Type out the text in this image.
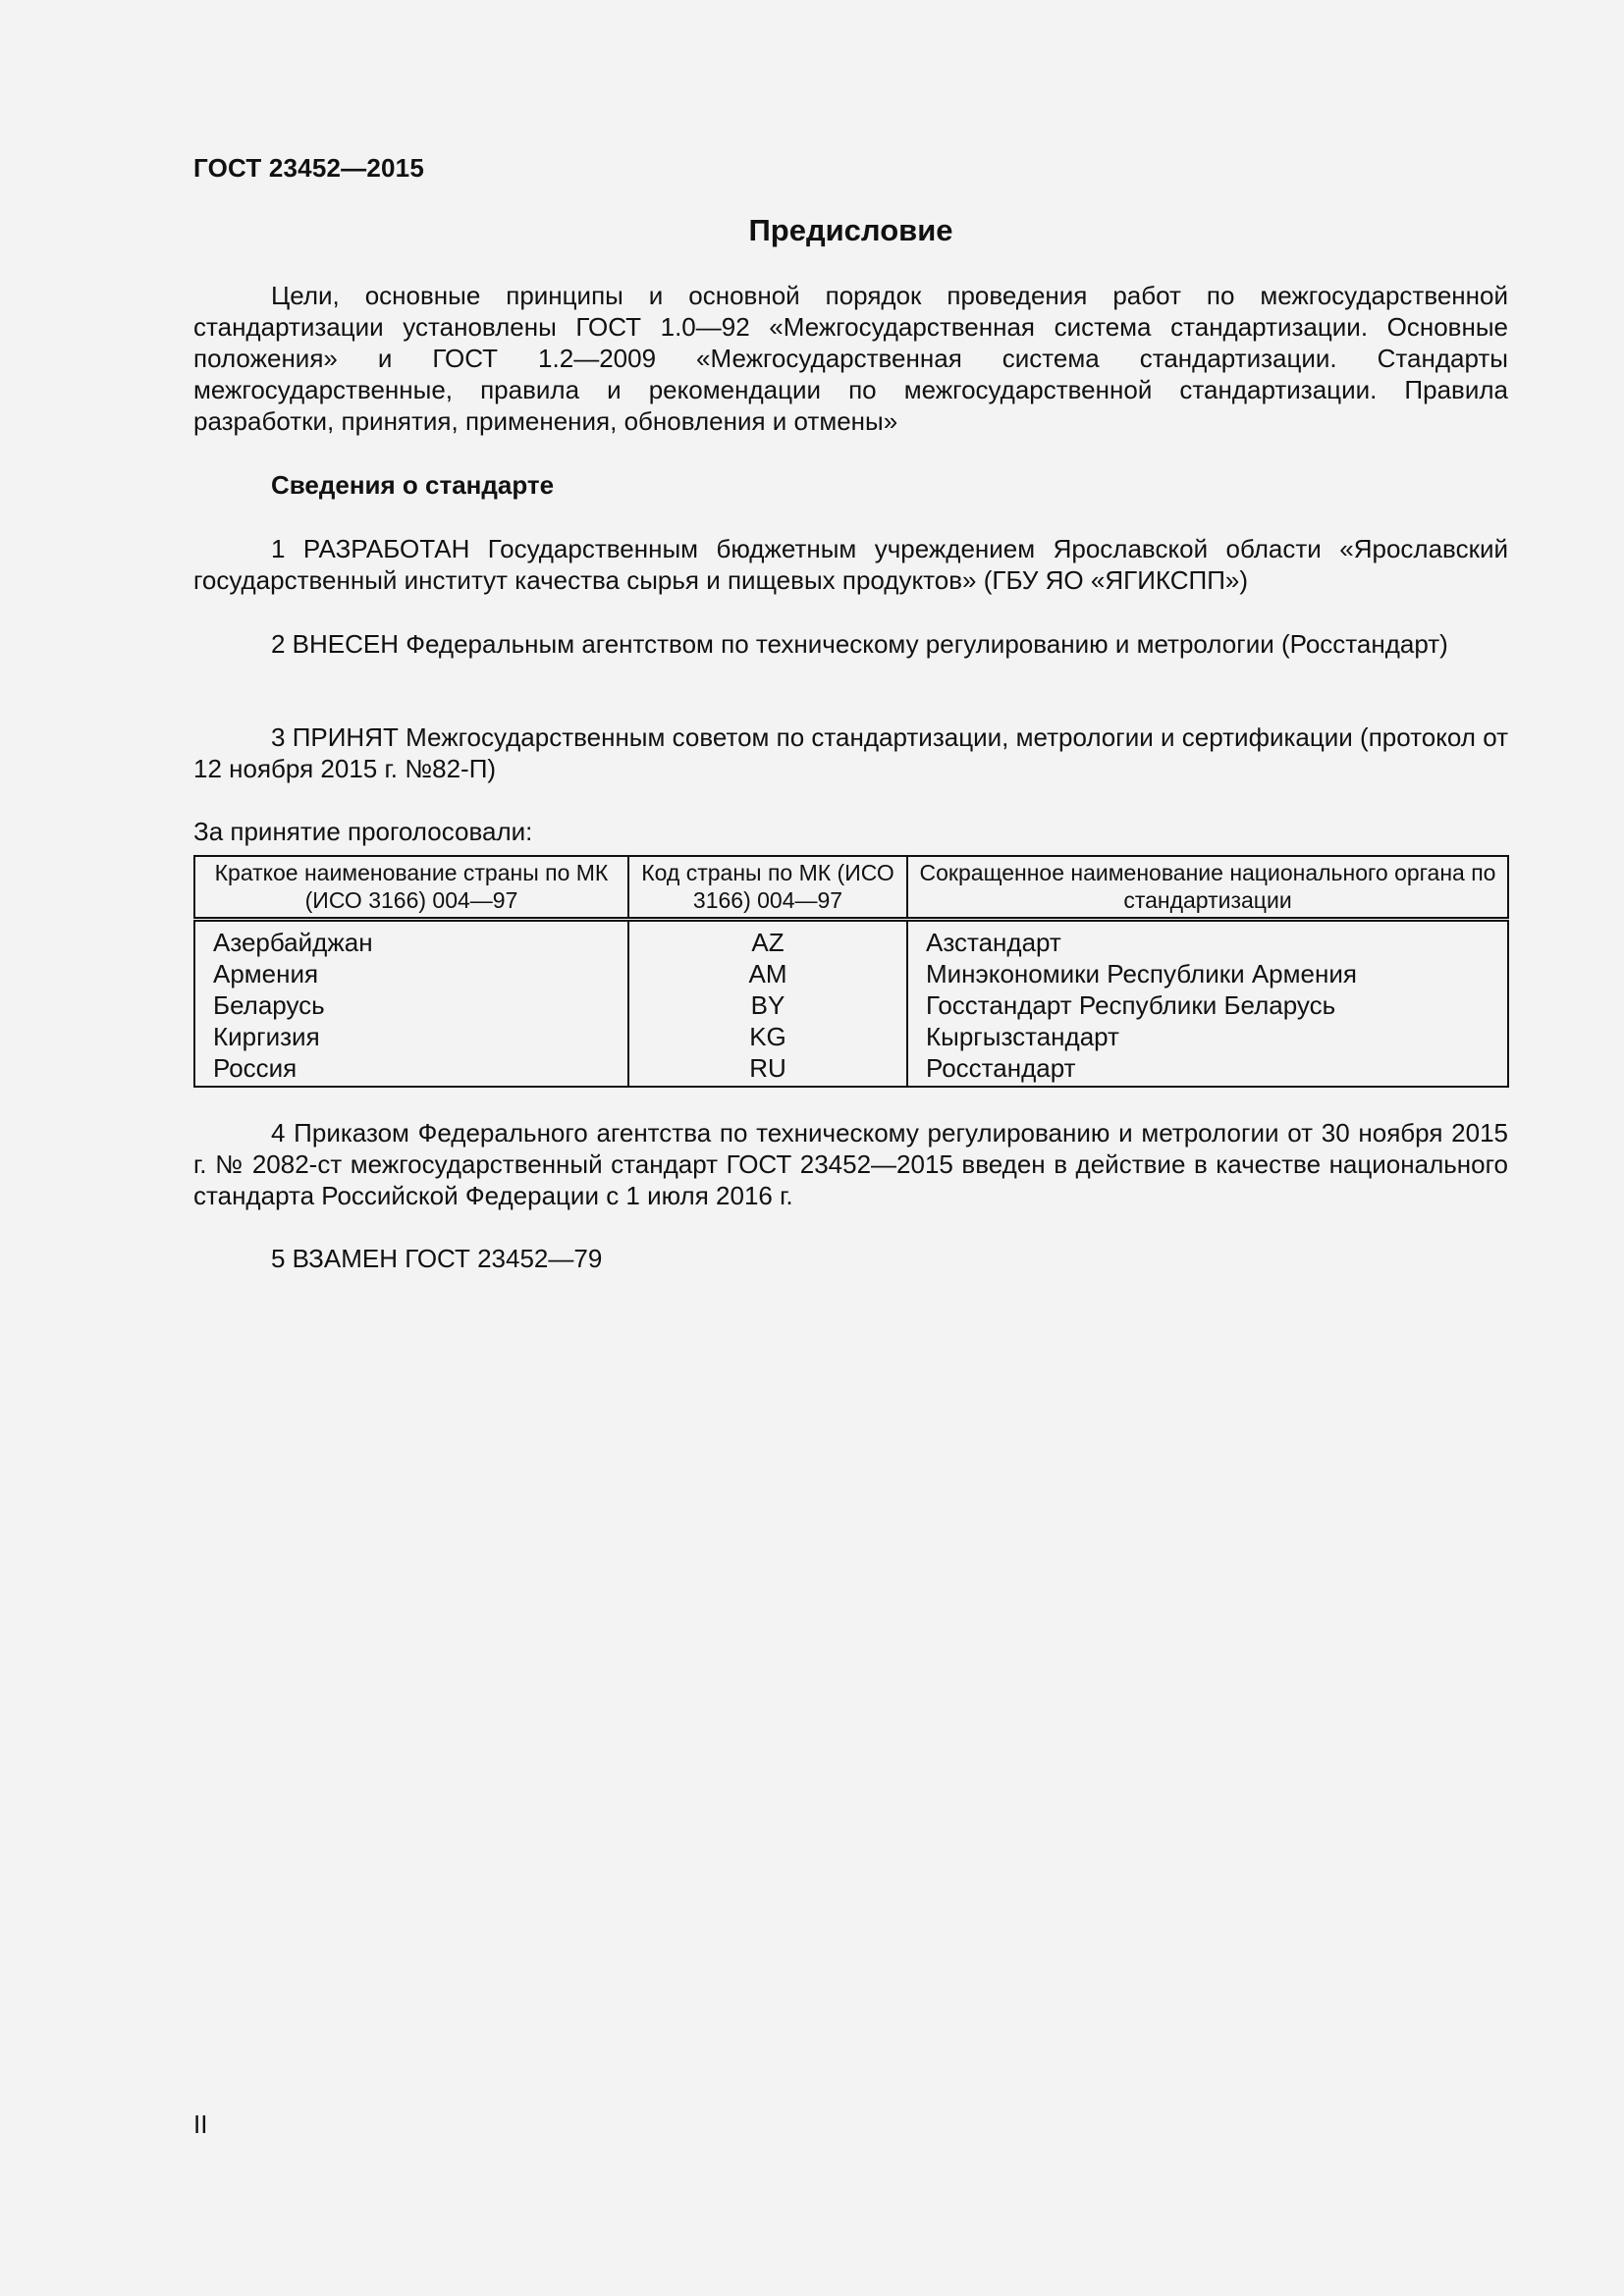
ГОСТ 23452—2015
Предисловие

Цели, основные принципы и основной порядок проведения работ по межгосударственной стандартизации установлены ГОСТ 1.0—92 «Межгосударственная система стандартизации. Основные положения» и ГОСТ 1.2—2009 «Межгосударственная система стандартизации. Стандарты межгосударственные, правила и рекомендации по межгосударственной стандартизации. Правила разработки, принятия, применения, обновления и отмены»

Сведения о стандарте

1 РАЗРАБОТАН Государственным бюджетным учреждением Ярославской области «Ярославский государственный институт качества сырья и пищевых продуктов» (ГБУ ЯО «ЯГИКСПП»)

2 ВНЕСЕН Федеральным агентством по техническому регулированию и метрологии (Росстандарт)

3 ПРИНЯТ Межгосударственным советом по стандартизации, метрологии и сертификации (протокол от 12 ноября 2015 г. №82-П)

За принятие проголосовали:

Краткое наименование страны по МК (ИСО 3166) 004—97	Код страны по МК (ИСО 3166) 004—97	Сокращенное наименование национального органа по стандартизации
Азербайджан	AZ	Азстандарт
Армения	AM	Минэкономики Республики Армения
Беларусь	BY	Госстандарт Республики Беларусь
Киргизия	KG	Кыргызстандарт
Россия	RU	Росстандарт

4 Приказом Федерального агентства по техническому регулированию и метрологии от 30 ноября 2015 г. № 2082-ст межгосударственный стандарт ГОСТ 23452—2015 введен в действие в качестве национального стандарта Российской Федерации с 1 июля 2016 г.

5 ВЗАМЕН ГОСТ 23452—79

II
